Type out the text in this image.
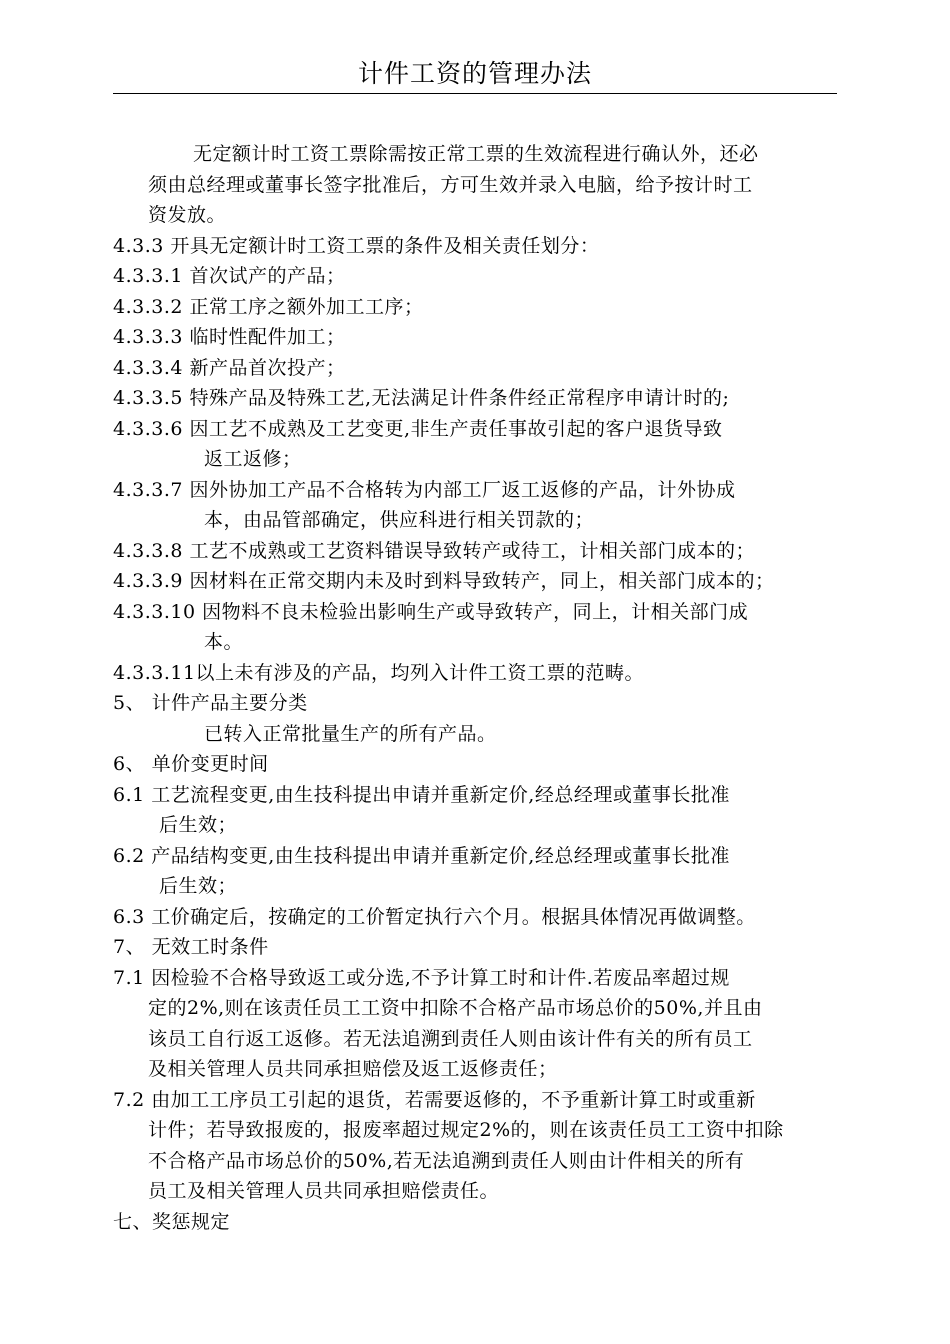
计件工资的管理办法
无定额计时工资工票除需按正常工票的生效流程进行确认外，还必
须由总经理或董事长签字批准后，方可生效并录入电脑，给予按计时工
资发放。
4.3.3 开具无定额计时工资工票的条件及相关责任划分：
4.3.3.1 首次试产的产品；
4.3.3.2 正常工序之额外加工工序；
4.3.3.3 临时性配件加工；
4.3.3.4 新产品首次投产；
4.3.3.5 特殊产品及特殊工艺,无法满足计件条件经正常程序申请计时的;
4.3.3.6 因工艺不成熟及工艺变更,非生产责任事故引起的客户退货导致
返工返修；
4.3.3.7 因外协加工产品不合格转为内部工厂返工返修的产品，计外协成
本，由品管部确定，供应科进行相关罚款的；
4.3.3.8 工艺不成熟或工艺资料错误导致转产或待工，计相关部门成本的；
4.3.3.9 因材料在正常交期内未及时到料导致转产，同上，相关部门成本的；
4.3.3.10 因物料不良未检验出影响生产或导致转产，同上，计相关部门成
本。
4.3.3.11以上未有涉及的产品，均列入计件工资工票的范畴。
5、 计件产品主要分类
已转入正常批量生产的所有产品。
6、 单价变更时间
6.1 工艺流程变更,由生技科提出申请并重新定价,经总经理或董事长批准
后生效；
6.2 产品结构变更,由生技科提出申请并重新定价,经总经理或董事长批准
后生效；
6.3 工价确定后，按确定的工价暂定执行六个月。根据具体情况再做调整。
7、 无效工时条件
7.1 因检验不合格导致返工或分选,不予计算工时和计件.若废品率超过规
定的2%,则在该责任员工工资中扣除不合格产品市场总价的50%,并且由
该员工自行返工返修。若无法追溯到责任人则由该计件有关的所有员工
及相关管理人员共同承担赔偿及返工返修责任；
7.2 由加工工序员工引起的退货，若需要返修的，不予重新计算工时或重新
计件；若导致报废的，报废率超过规定2%的，则在该责任员工工资中扣除
不合格产品市场总价的50%,若无法追溯到责任人则由计件相关的所有
员工及相关管理人员共同承担赔偿责任。
七、奖惩规定
